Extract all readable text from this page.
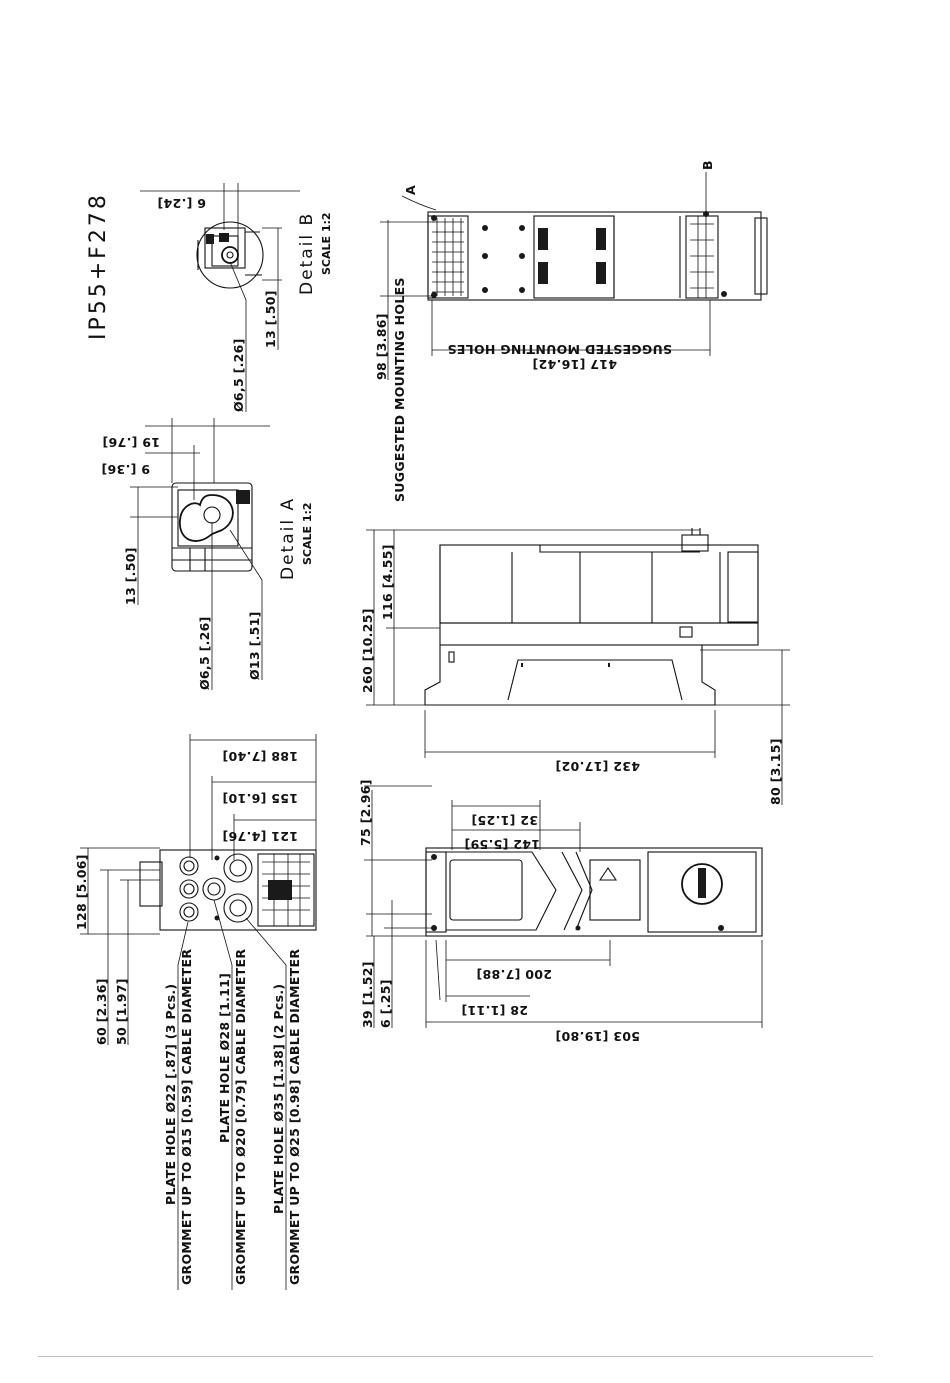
IP55+F278	6 [.24]
13 [.50]
Ø6,5 [.26]
Detail B SCALE 1:2
19 [.76]
9 [.36]
13 [.50]
Ø6,5 [.26]	Ø13 [.51]
Detail A SCALE 1:2
98 [3.86] SUGGESTED MOUNTING HOLES	417 [16.42]
SUGGESTED MOUNTING HOLES
A
B
260 [10.25]
116 [4.55]
432 [17.02]	80 [3.15]
75 [2.96]	32 [1.25]
142 [5.59]
200 [7.88]
28 [1.11]
503 [19.80]
39 [1.52] 6 [.25]
188 [7.40]
155 [6.10]
121 [4.76]
128 [5.06]
60 [2.36] 50 [1.97]	PLATE HOLE Ø22 [.87] (3 Pcs.) GROMMET UP TO Ø15 [0.59] CABLE DIAMETER PLATE HOLE Ø28 [1.11] GROMMET UP TO Ø20 [0.79] CABLE DIAMETER PLATE HOLE Ø35 [1.38] (2 Pcs.) GROMMET UP TO Ø25 [0.98] CABLE DIAMETER
